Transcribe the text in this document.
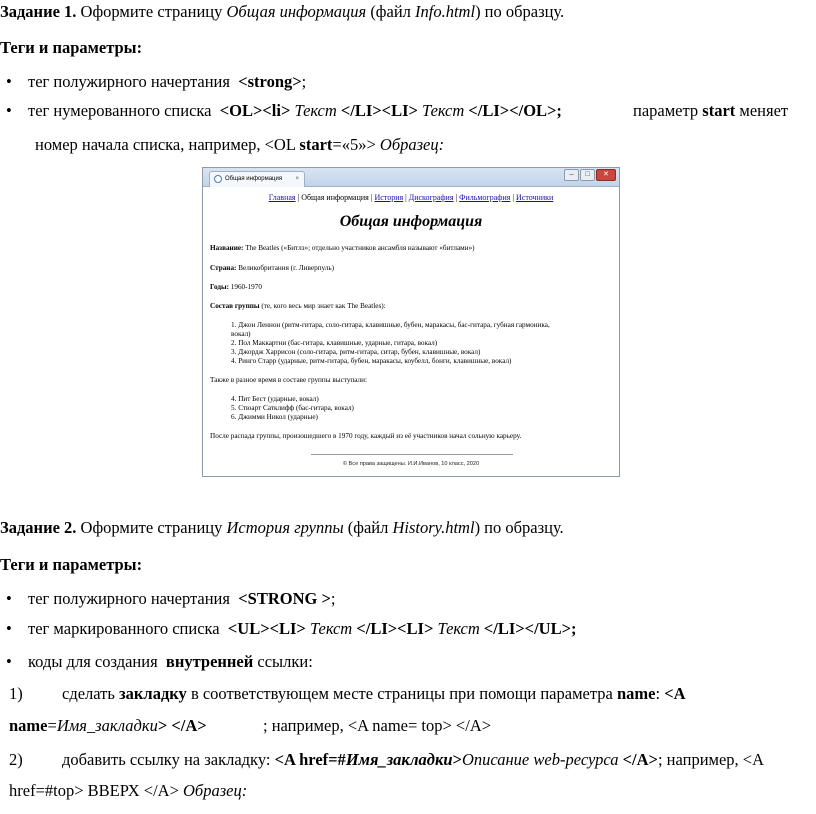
Задание 1. Оформите страницу Общая информация (файл Info.html) по образцу.
Теги и параметры:
• тег полужирного начертания  <strong>;
• тег нумерованного списка  <OL><li> Текст </LI><LI> Текст </LI></OL>;	параметр start меняет
номер начала списка, например, <OL start=«5»> Образец:
Общая информация ×
–	□	✕
Главная | Общая информация | История | Дискография | Фильмография | Источники
Общая информация
Название: The Beatles («Битлз»; отдельно участников ансамбля называют «битлами»)
Страна: Великобритания (г. Ливерпуль)
Годы: 1960-1970
Состав группы (те, кого весь мир знает как The Beatles):
1. Джон Леннон (ритм-гитара, соло-гитара, клавишные, бубен, маракасы, бас-гитара, губная гармоника,
вокал)
2. Пол Маккартни (бас-гитара, клавишные, ударные, гитара, вокал)
3. Джордж Харрисон (соло-гитара, ритм-гитара, ситар, бубен, клавишные, вокал)
4. Ринго Старр (ударные, ритм-гитара, бубен, маракасы, коубелл, бонги, клавишные, вокал)
Также в разное время в составе группы выступали:
4. Пит Бест (ударные, вокал)
5. Стюарт Сатклифф (бас-гитара, вокал)
6. Джимми Никол (ударные)
После распада группы, произошедшего в 1970 году, каждый из её участников начал сольную карьеру.
© Все права защищены. И.И.Иванов, 10 класс, 2020
Задание 2. Оформите страницу История группы (файл History.html) по образцу.
Теги и параметры:
• тег полужирного начертания  <STRONG >;
• тег маркированного списка  <UL><LI> Текст </LI><LI> Текст </LI></UL>;
• коды для создания  внутренней ссылки:
1) сделать закладку в соответствующем месте страницы при помощи параметра name: <A
name=Имя_закладки> </A>	; например, <A name= top> </A>
2) добавить ссылку на закладку: <A href=#Имя_закладки>Описание web-ресурса </A>; например, <A
href=#top> ВВЕРХ </A> Образец:
